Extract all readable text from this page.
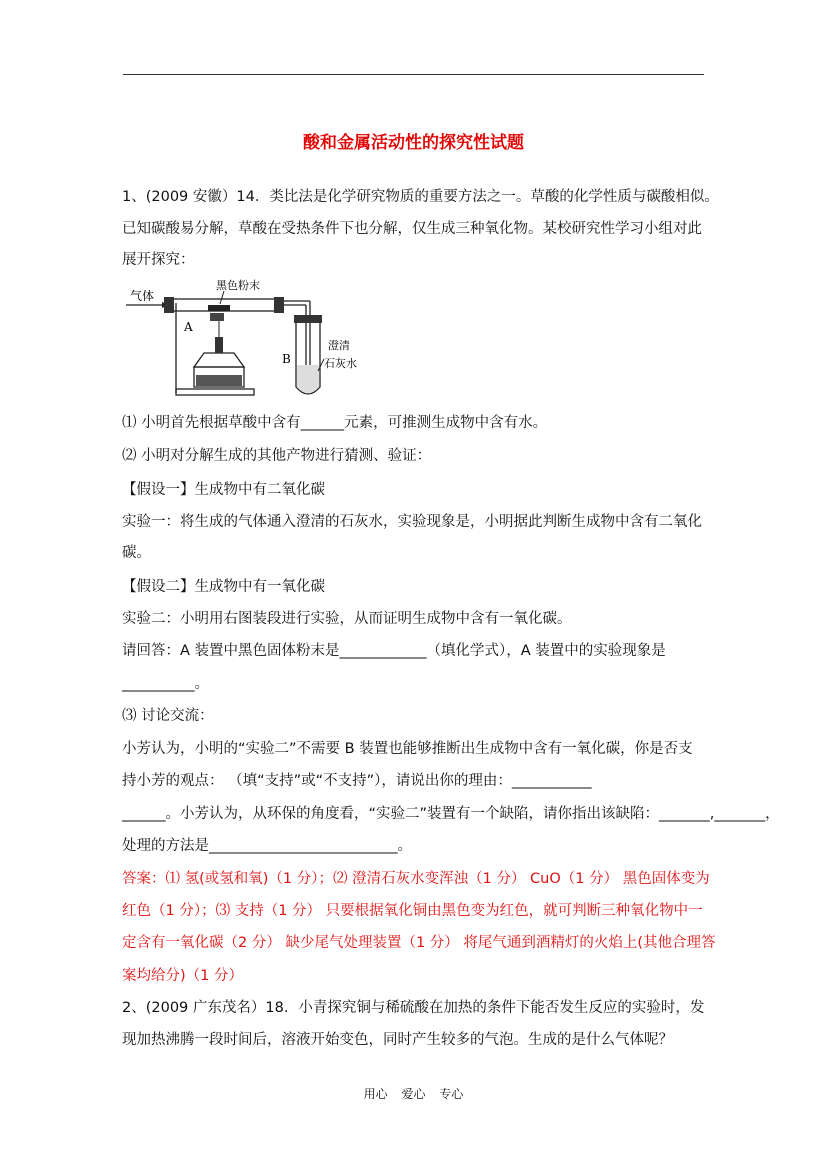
酸和金属活动性的探究性试题
1、(2009 安徽）14．类比法是化学研究物质的重要方法之一。草酸的化学性质与碳酸相似。
已知碳酸易分解，草酸在受热条件下也分解，仅生成三种氧化物。某校研究性学习小组对此
展开探究：
气体
黑色粉末
A
B
澄清
石灰水
⑴ 小明首先根据草酸中含有______元素，可推测生成物中含有水。
⑵ 小明对分解生成的其他产物进行猜测、验证：
【假设一】生成物中有二氧化碳
实验一：将生成的气体通入澄清的石灰水，实验现象是，小明据此判断生成物中含有二氧化
碳。
【假设二】生成物中有一氧化碳
实验二：小明用右图装段进行实验，从而证明生成物中含有一氧化碳。
请回答：A 装置中黑色固体粉末是____________（填化学式），A 装置中的实验现象是
__________。
⑶ 讨论交流：
小芳认为，小明的“实验二”不需要 B 装置也能够推断出生成物中含有一氧化碳，你是否支
持小芳的观点： （填“支持”或“不支持”），请说出你的理由：___________
______。小芳认为，从环保的角度看，“实验二”装置有一个缺陷，请你指出该缺陷：_______,_______，
处理的方法是__________________________。
答案：⑴ 氢(或氢和氧)（1 分）；⑵ 澄清石灰水变浑浊（1 分） CuO（1 分） 黑色固体变为
红色（1 分）；⑶ 支持（1 分） 只要根据氧化铜由黑色变为红色，就可判断三种氧化物中一
定含有一氧化碳（2 分） 缺少尾气处理装置（1 分） 将尾气通到酒精灯的火焰上(其他合理答
案均给分)（1 分）
2、(2009 广东茂名）18．小青探究铜与稀硫酸在加热的条件下能否发生反应的实验时，发
现加热沸腾一段时间后，溶液开始变色，同时产生较多的气泡。生成的是什么气体呢？
用心 爱心 专心
